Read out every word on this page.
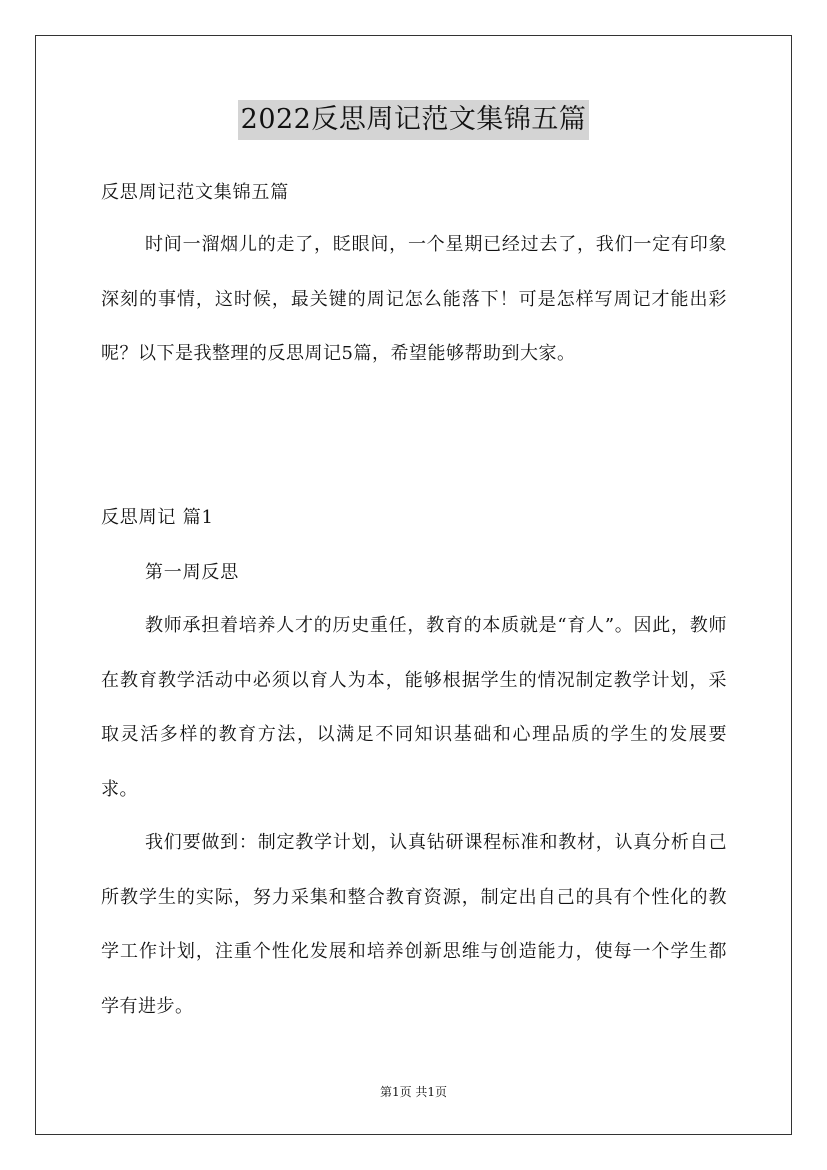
2022反思周记范文集锦五篇
反思周记范文集锦五篇

时间一溜烟儿的走了，眨眼间，一个星期已经过去了，我们一定有印象深刻的事情，这时候，最关键的周记怎么能落下！可是怎样写周记才能出彩呢？以下是我整理的反思周记5篇，希望能够帮助到大家。

反思周记 篇1
第一周反思

教师承担着培养人才的历史重任，教育的本质就是“育人”。因此，教师在教育教学活动中必须以育人为本，能够根据学生的情况制定教学计划，采取灵活多样的教育方法，以满足不同知识基础和心理品质的学生的发展要求。

我们要做到：制定教学计划，认真钻研课程标准和教材，认真分析自己所教学生的实际，努力采集和整合教育资源，制定出自己的具有个性化的教学工作计划，注重个性化发展和培养创新思维与创造能力，使每一个学生都学有进步。

第1页 共1页
